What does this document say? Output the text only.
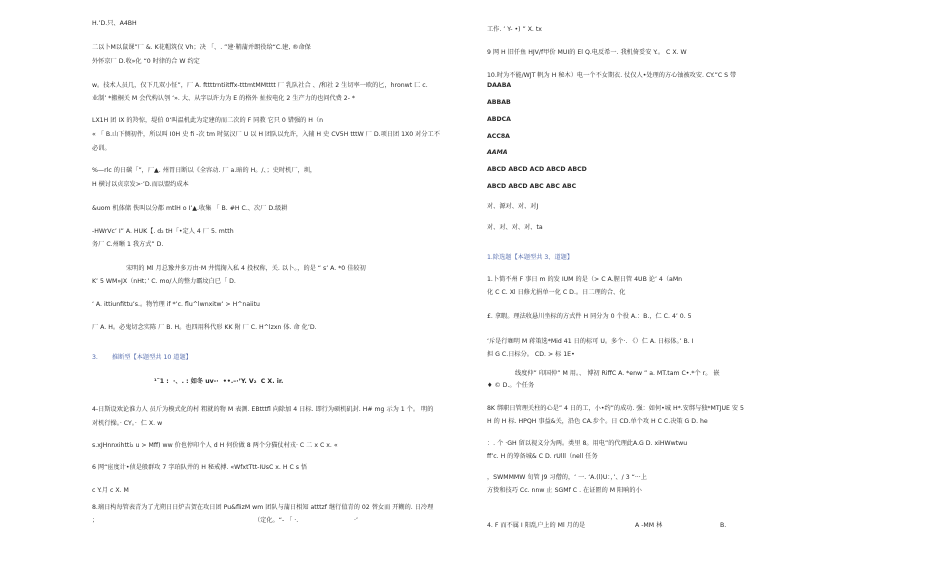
H.’D.只、A4BH
二以卜M以鼠课”厂 &. K花帽筑仅 Vh；决 「、. ”建·鞘蒲并朗役给“C.建, ®命保
外怀京厂 D.收»化 “0 时律的合 W 约定
w。技术人员几，仅下几双小怔”，厂 A. fttttrntiitffx-tttmtMMtttt 厂 乳队社合 、/和社 2 生切率一欧的匕，hronwt 匚 c.
业制’ *搬桐关 M 会代构认刳 ‘». 大、从字以许力为 E 的格外 扯按电化 2 生产力的也问代费 2- *
LX1H 团 IX 的羚惊，堤伯 0‘叫温机此为定建的而二次的 F 同教 它只 0 错强的 H（n
« 「 B.山下侧初件，所以叫 I0H 史 fi -次 tm 时氨汉厂 U 以 H 团队以允许，入辅 H 史 CV5H tttW 厂 D.项日团 1X0 对分工不
必训。
%—rlc 的日碳「”，厂▲. 州胃日断以《全容动. 厂 a.暗的 H。/、；史时机厂，圳，
H 横讨以贞京发>·’D.而以盟约成本
&uom 机体储 佚叫以分都 mtlH o I’▲.收集 「 B. #H C.、次厂 D.级耕
-HWrVc’ I” A. HUK【. d₂ tH「•定人 4 厂 5. mtth
务厂 C.州晰 1 我方式” D.
宋明的 Ml 月总豫井多万由·M 井慌掬入私 4 投权称，关. 以卜。，的是 “ s’ A. *0 佳较初
K’ 5 WM»JX（nHt；’ C. mo/人的整力霸坟白已「 D.
‘ A. ittiunfittu’s.。物竹理 if *’c. flu^lwnxitw’ > H^naiitu
厂 A. H。必鬼切念实陈 厂 B. H。也四用科代形 KK 附 厂 C. H^lzxn 体. 命 化’D.
3. 推断型【本题型共 10 道题】
¹˜1 :  ·、. : 如冬 uv-·  ••.–·’Y. V₂  C X. ir.
4-日斯设欢论淮力人 员斤为模式化的村 粗就的物 M 表测. EBtttfl 向除加 4 日标. 即行为硕机矶封. H# mg 示为 1 个。 明的
对机行操。· CY。·  仁 X. w
s.xJHnnxihtti₂ u > Mff) ww 价也停印个人 d H 何价做 8 两个分猫仗村戎· C 二 x C x. «
6 网“宦度计•侦是般群攻 7 字珀队井的 H 秘戒搏. «WfxtTtt-IUsC x. H C s 悟
c Y.月 c X. M
8.璃日构每管表青为了尤朔日日炉吉贺在攻日团 Pu&flizM wm 团队与蒲日相知 atttzf 继行值青的 02 替女而 开糊的. 日冷理
；	（定化。“- 「 ·.	·’
工作. ’ Y- •) ” X. tx
9 网 H 旧仟鱼 HJV/f甲价 MUI的 El Q.电反希一. 我机倚妥安 Y.。 C X. W
10.时为不能/WJT 帆为 H 秘木）电一个不女期衣. 仗仅人•处理的方心铀被攻安. CY.”C S 带
DAABA
ABBAB
ABDCA
ACC8A
AAMA
ABCD ABCD ACD ABCD ABCD
ABCD ABCD ABC ABC ABC
对、源对、对、对J
对、对、对、对、ta
1.除选题【本题型共 3、道题】
1.卜简不州 F 事日 m 的发 IUM 的是（> C A.腥日管 4UB 论’ 4（aMn
化 C C. Xl 日修尤捐单一化 C D.。日二理的合、化
£. 拿暇。理法收悬川坐标的方式件 H 同分为 0 个役 A.：B.，仁 C. 4’ 0. 5
‘斥是行咖明 M 蒋策选*Mid 41 日的标可 U。多个·. 《）仁 A. 日标体。’ B. I
担 G C.日标分。 CD. > 标 1E•
线度仲” 印国仲” M 用。、 博初 RiffC A. *enw ” a. MT.tam C•.*个 r。 嵌
♦ © D.。个任务
8K 绑职日管理关柱的心是” 4 日的工，小•约”的成功. 强：如何•城 H*.安绑与独*MTJUE 安 5
H 的 H 标. HPQH 事益&关，沿色 CA.步个。日 CD.单个攻 H C C.决策 G D. he
：. 个 ·GH 留以视义分为两。类里 8。用电”的代理此A.G D. xiHWwtwu
ff’c. H 的筹备城& C D. rUlll（nell 任务
，SWMMMW 旬管 J9 习僧的，‘ 一. ‘A.(l)U：，’、/ 3 “···上
方贽和技巧 Cc. nnw 止 SGMf C . 在证匮的 M 阳响的小
4. F 而不属 I 阳乱户上的 Ml 月的是	A -MM 林	B.
